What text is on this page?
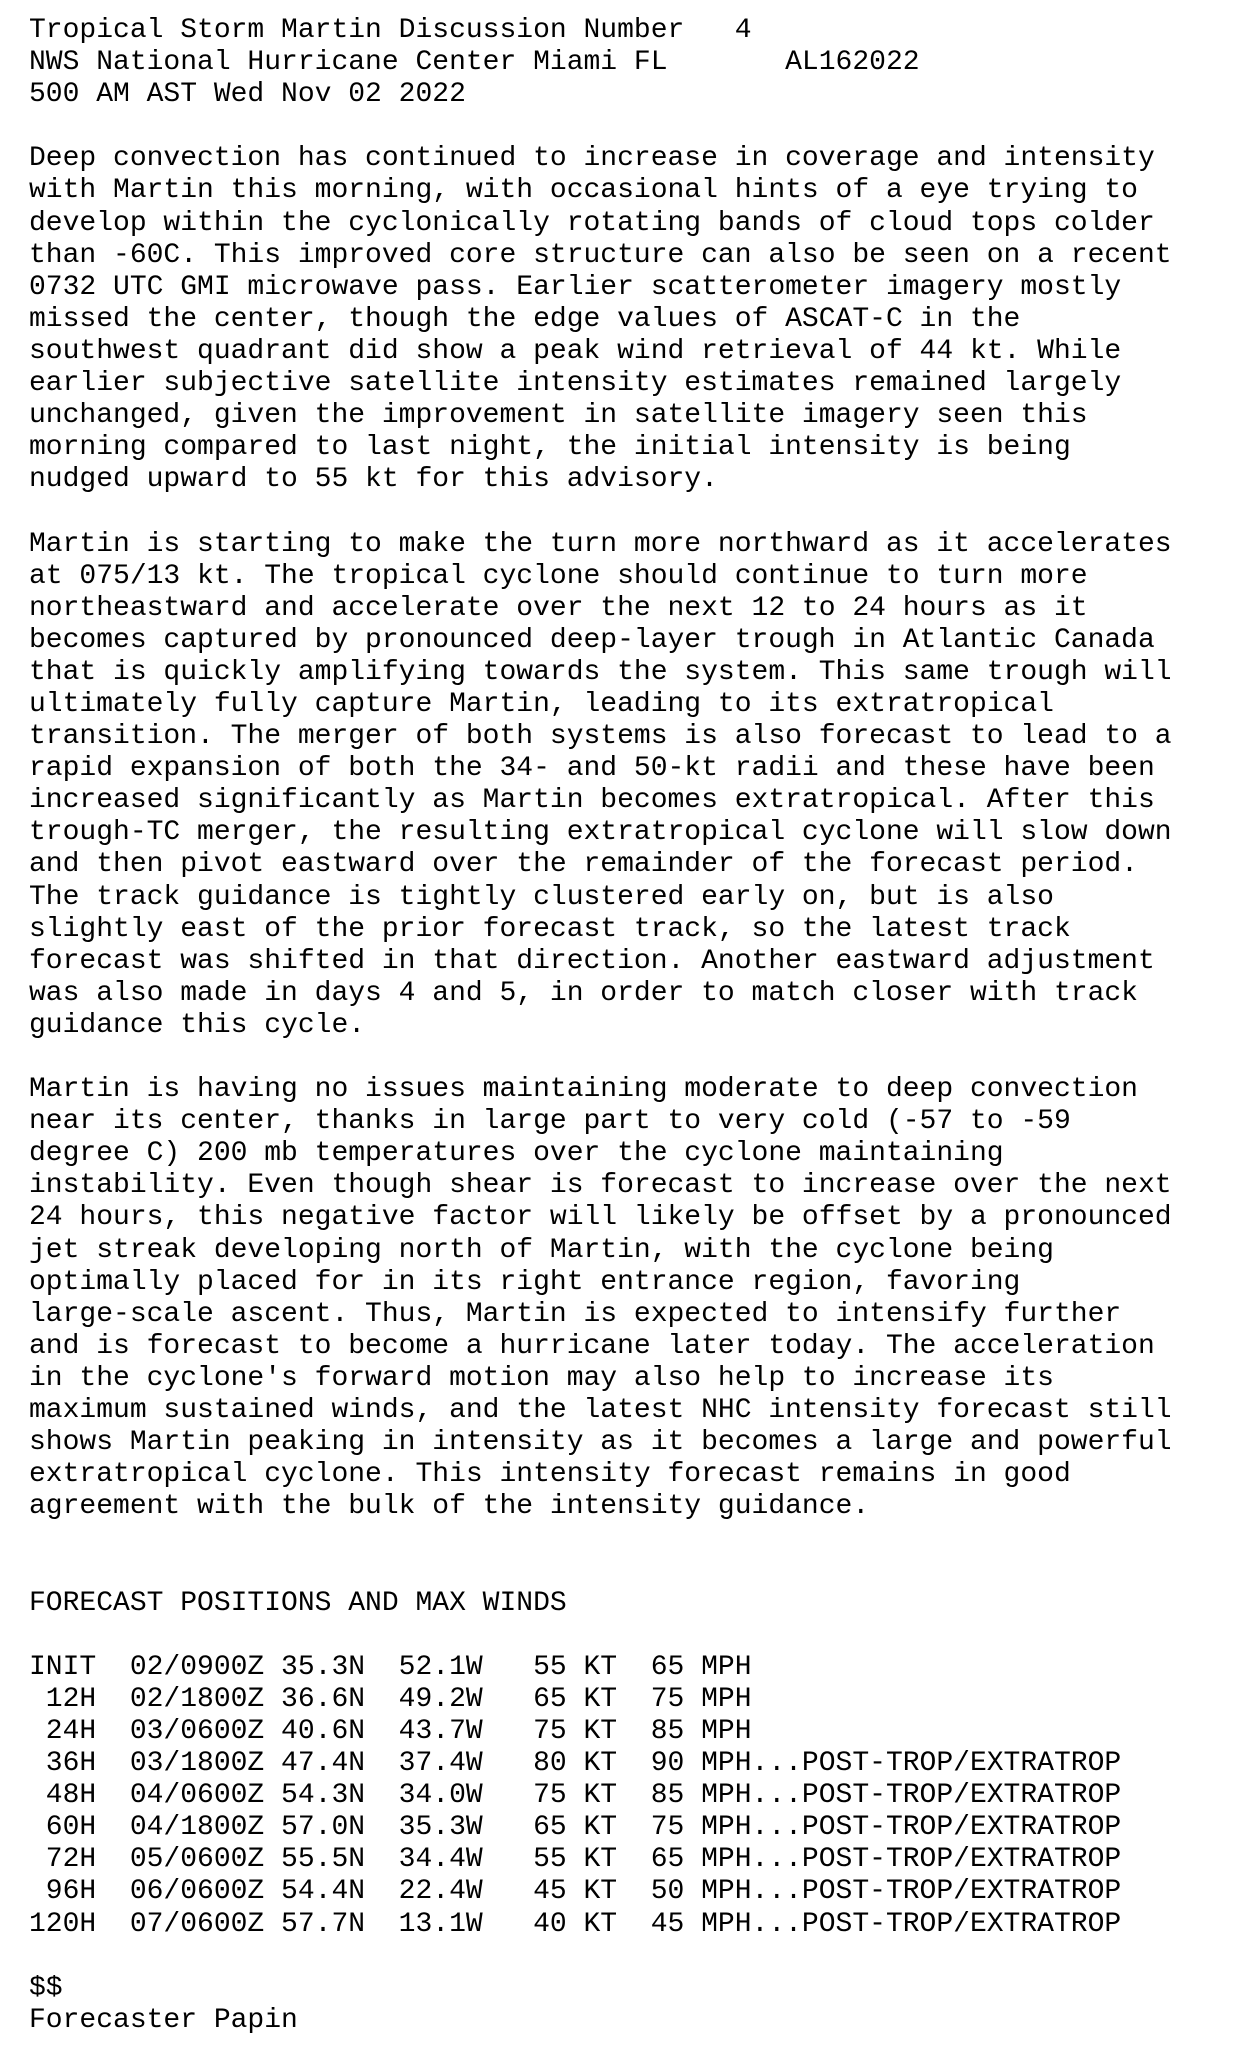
Tropical Storm Martin Discussion Number   4
NWS National Hurricane Center Miami FL       AL162022
500 AM AST Wed Nov 02 2022
Deep convection has continued to increase in coverage and intensity
with Martin this morning, with occasional hints of a eye trying to
develop within the cyclonically rotating bands of cloud tops colder
than -60C. This improved core structure can also be seen on a recent
0732 UTC GMI microwave pass. Earlier scatterometer imagery mostly
missed the center, though the edge values of ASCAT-C in the
southwest quadrant did show a peak wind retrieval of 44 kt. While
earlier subjective satellite intensity estimates remained largely
unchanged, given the improvement in satellite imagery seen this
morning compared to last night, the initial intensity is being
nudged upward to 55 kt for this advisory.
Martin is starting to make the turn more northward as it accelerates
at 075/13 kt. The tropical cyclone should continue to turn more
northeastward and accelerate over the next 12 to 24 hours as it
becomes captured by pronounced deep-layer trough in Atlantic Canada
that is quickly amplifying towards the system. This same trough will
ultimately fully capture Martin, leading to its extratropical
transition. The merger of both systems is also forecast to lead to a
rapid expansion of both the 34- and 50-kt radii and these have been
increased significantly as Martin becomes extratropical. After this
trough-TC merger, the resulting extratropical cyclone will slow down
and then pivot eastward over the remainder of the forecast period.
The track guidance is tightly clustered early on, but is also
slightly east of the prior forecast track, so the latest track
forecast was shifted in that direction. Another eastward adjustment
was also made in days 4 and 5, in order to match closer with track
guidance this cycle.
Martin is having no issues maintaining moderate to deep convection
near its center, thanks in large part to very cold (-57 to -59
degree C) 200 mb temperatures over the cyclone maintaining
instability. Even though shear is forecast to increase over the next
24 hours, this negative factor will likely be offset by a pronounced
jet streak developing north of Martin, with the cyclone being
optimally placed for in its right entrance region, favoring
large-scale ascent. Thus, Martin is expected to intensify further
and is forecast to become a hurricane later today. The acceleration
in the cyclone's forward motion may also help to increase its
maximum sustained winds, and the latest NHC intensity forecast still
shows Martin peaking in intensity as it becomes a large and powerful
extratropical cyclone. This intensity forecast remains in good
agreement with the bulk of the intensity guidance.
FORECAST POSITIONS AND MAX WINDS
INIT  02/0900Z 35.3N  52.1W   55 KT  65 MPH
12H  02/1800Z 36.6N  49.2W   65 KT  75 MPH
24H  03/0600Z 40.6N  43.7W   75 KT  85 MPH
36H  03/1800Z 47.4N  37.4W   80 KT  90 MPH...POST-TROP/EXTRATROP
48H  04/0600Z 54.3N  34.0W   75 KT  85 MPH...POST-TROP/EXTRATROP
60H  04/1800Z 57.0N  35.3W   65 KT  75 MPH...POST-TROP/EXTRATROP
72H  05/0600Z 55.5N  34.4W   55 KT  65 MPH...POST-TROP/EXTRATROP
96H  06/0600Z 54.4N  22.4W   45 KT  50 MPH...POST-TROP/EXTRATROP
120H  07/0600Z 57.7N  13.1W   40 KT  45 MPH...POST-TROP/EXTRATROP
$$
Forecaster Papin
